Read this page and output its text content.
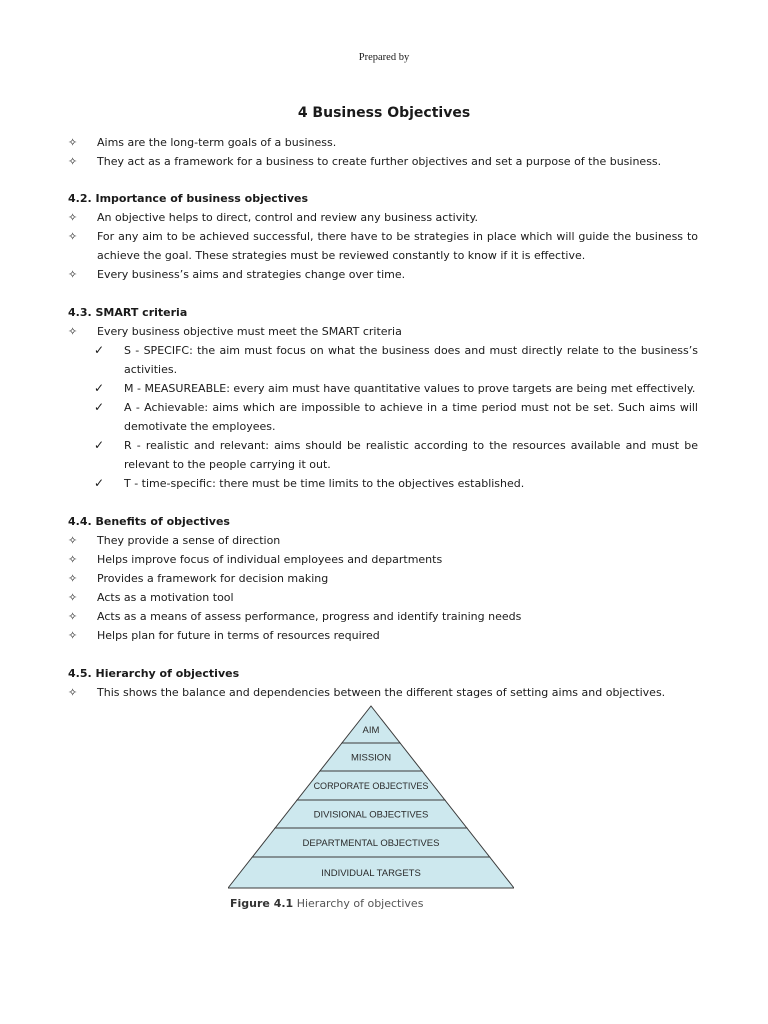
Prepared by
4 Business Objectives
✧ Aims are the long-term goals of a business.
✧ They act as a framework for a business to create further objectives and set a purpose of the business.
4.2. Importance of business objectives
✧ An objective helps to direct, control and review any business activity.
✧ For any aim to be achieved successful, there have to be strategies in place which will guide the business to achieve the goal. These strategies must be reviewed constantly to know if it is effective.
✧ Every business’s aims and strategies change over time.
4.3. SMART criteria
✧ Every business objective must meet the SMART criteria
✓ S - SPECIFC: the aim must focus on what the business does and must directly relate to the business’s activities.
✓ M - MEASUREABLE: every aim must have quantitative values to prove targets are being met effectively.
✓ A - Achievable: aims which are impossible to achieve in a time period must not be set. Such aims will demotivate the employees.
✓ R - realistic and relevant: aims should be realistic according to the resources available and must be relevant to the people carrying it out.
✓ T - time-specific: there must be time limits to the objectives established.
4.4. Benefits of objectives
✧ They provide a sense of direction
✧ Helps improve focus of individual employees and departments
✧ Provides a framework for decision making
✧ Acts as a motivation tool
✧ Acts as a means of assess performance, progress and identify training needs
✧ Helps plan for future in terms of resources required
4.5. Hierarchy of objectives
✧ This shows the balance and dependencies between the different stages of setting aims and objectives.
AIM
MISSION
CORPORATE OBJECTIVES
DIVISIONAL OBJECTIVES
DEPARTMENTAL OBJECTIVES
INDIVIDUAL TARGETS
Figure 4.1 Hierarchy of objectives
